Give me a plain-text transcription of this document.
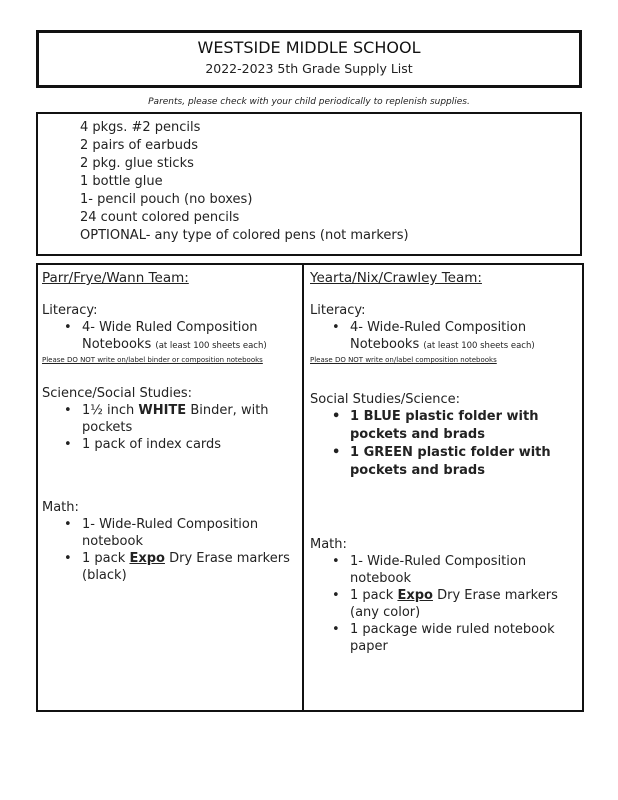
WESTSIDE MIDDLE SCHOOL
2022-2023 5th Grade Supply List
Parents, please check with your child periodically to replenish supplies.
4 pkgs. #2 pencils
2 pairs of earbuds
2 pkg. glue sticks
1 bottle glue
1- pencil pouch (no boxes)
24 count colored pencils
OPTIONAL- any type of colored pens (not markers)
Parr/Frye/Wann Team:
Literacy:
• 4- Wide Ruled Composition Notebooks (at least 100 sheets each)
Please DO NOT write on/label binder or composition notebooks
Science/Social Studies:
• 1½ inch WHITE Binder, with pockets
• 1 pack of index cards
Math:
• 1- Wide-Ruled Composition notebook
• 1 pack Expo Dry Erase markers (black)
Yearta/Nix/Crawley Team:
Literacy:
• 4- Wide-Ruled Composition Notebooks (at least 100 sheets each)
Please DO NOT write on/label composition notebooks
Social Studies/Science:
• 1 BLUE plastic folder with pockets and brads
• 1 GREEN plastic folder with pockets and brads
Math:
• 1- Wide-Ruled Composition notebook
• 1 pack Expo Dry Erase markers (any color)
• 1 package wide ruled notebook paper
